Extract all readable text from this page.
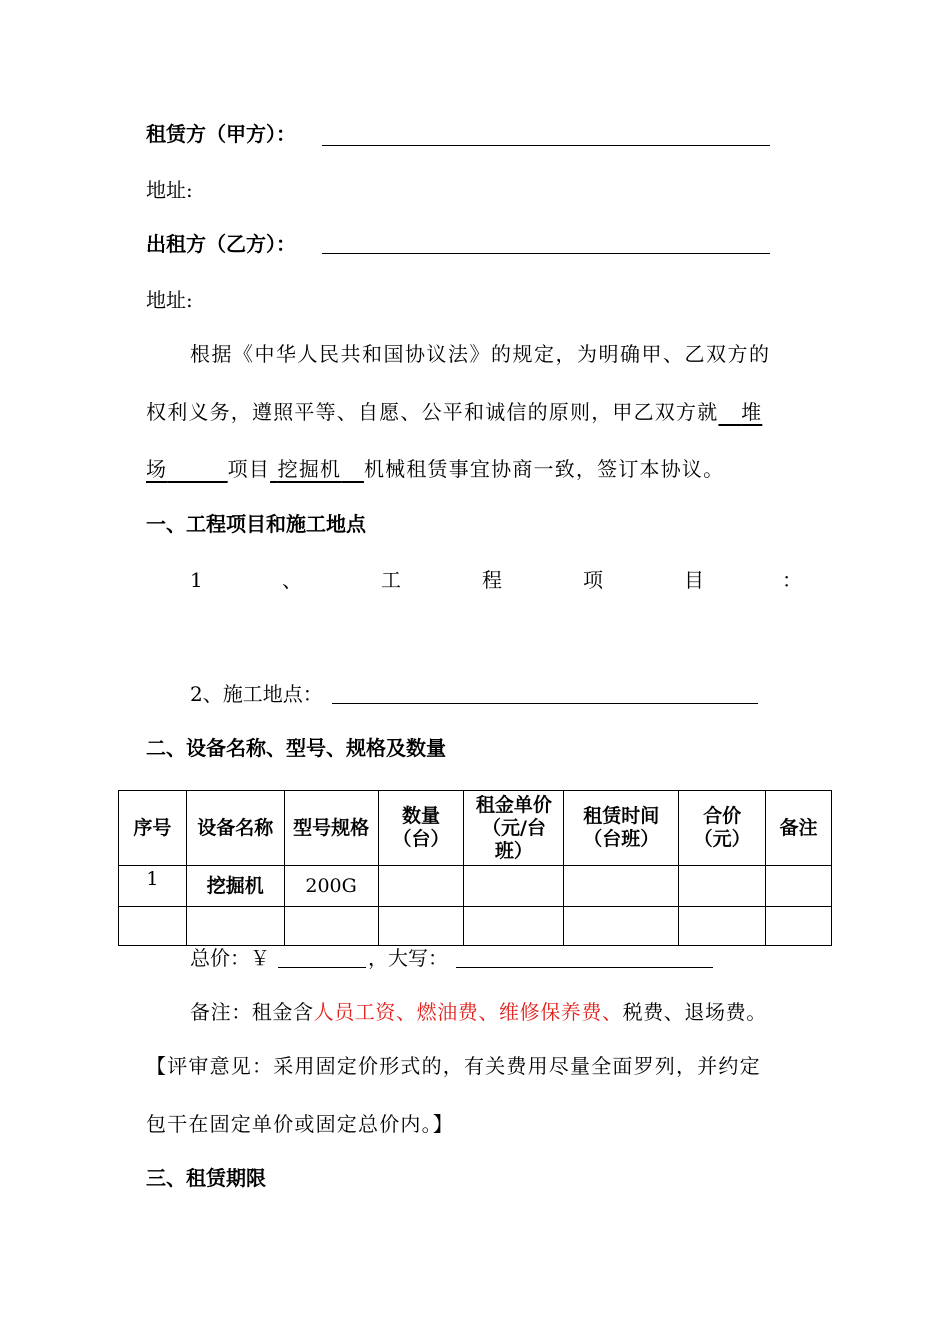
租赁方（甲方）：
地址:
出租方（乙方）：
地址:
根据《中华人民共和国协议法》的规定，为明确甲、乙双方的
权利义务，遵照平等、自愿、公平和诚信的原则，甲乙双方就 堆
场	项目 挖掘机 机械租赁事宜协商一致，签订本协议。
一、工程项目和施工地点
1	、	工	程	项	目	：
2、施工地点：
二、设备名称、型号、规格及数量
序号	设备名称	型号规格	数量（台）	租金单价（元/台班）	租赁时间（台班）	合价（元）	备注
1	挖掘机	200G					

总价：￥	，大写：
备注：租金含人员工资、燃油费、维修保养费、税费、退场费。
【评审意见：采用固定价形式的，有关费用尽量全面罗列，并约定
包干在固定单价或固定总价内。】
三、租赁期限
